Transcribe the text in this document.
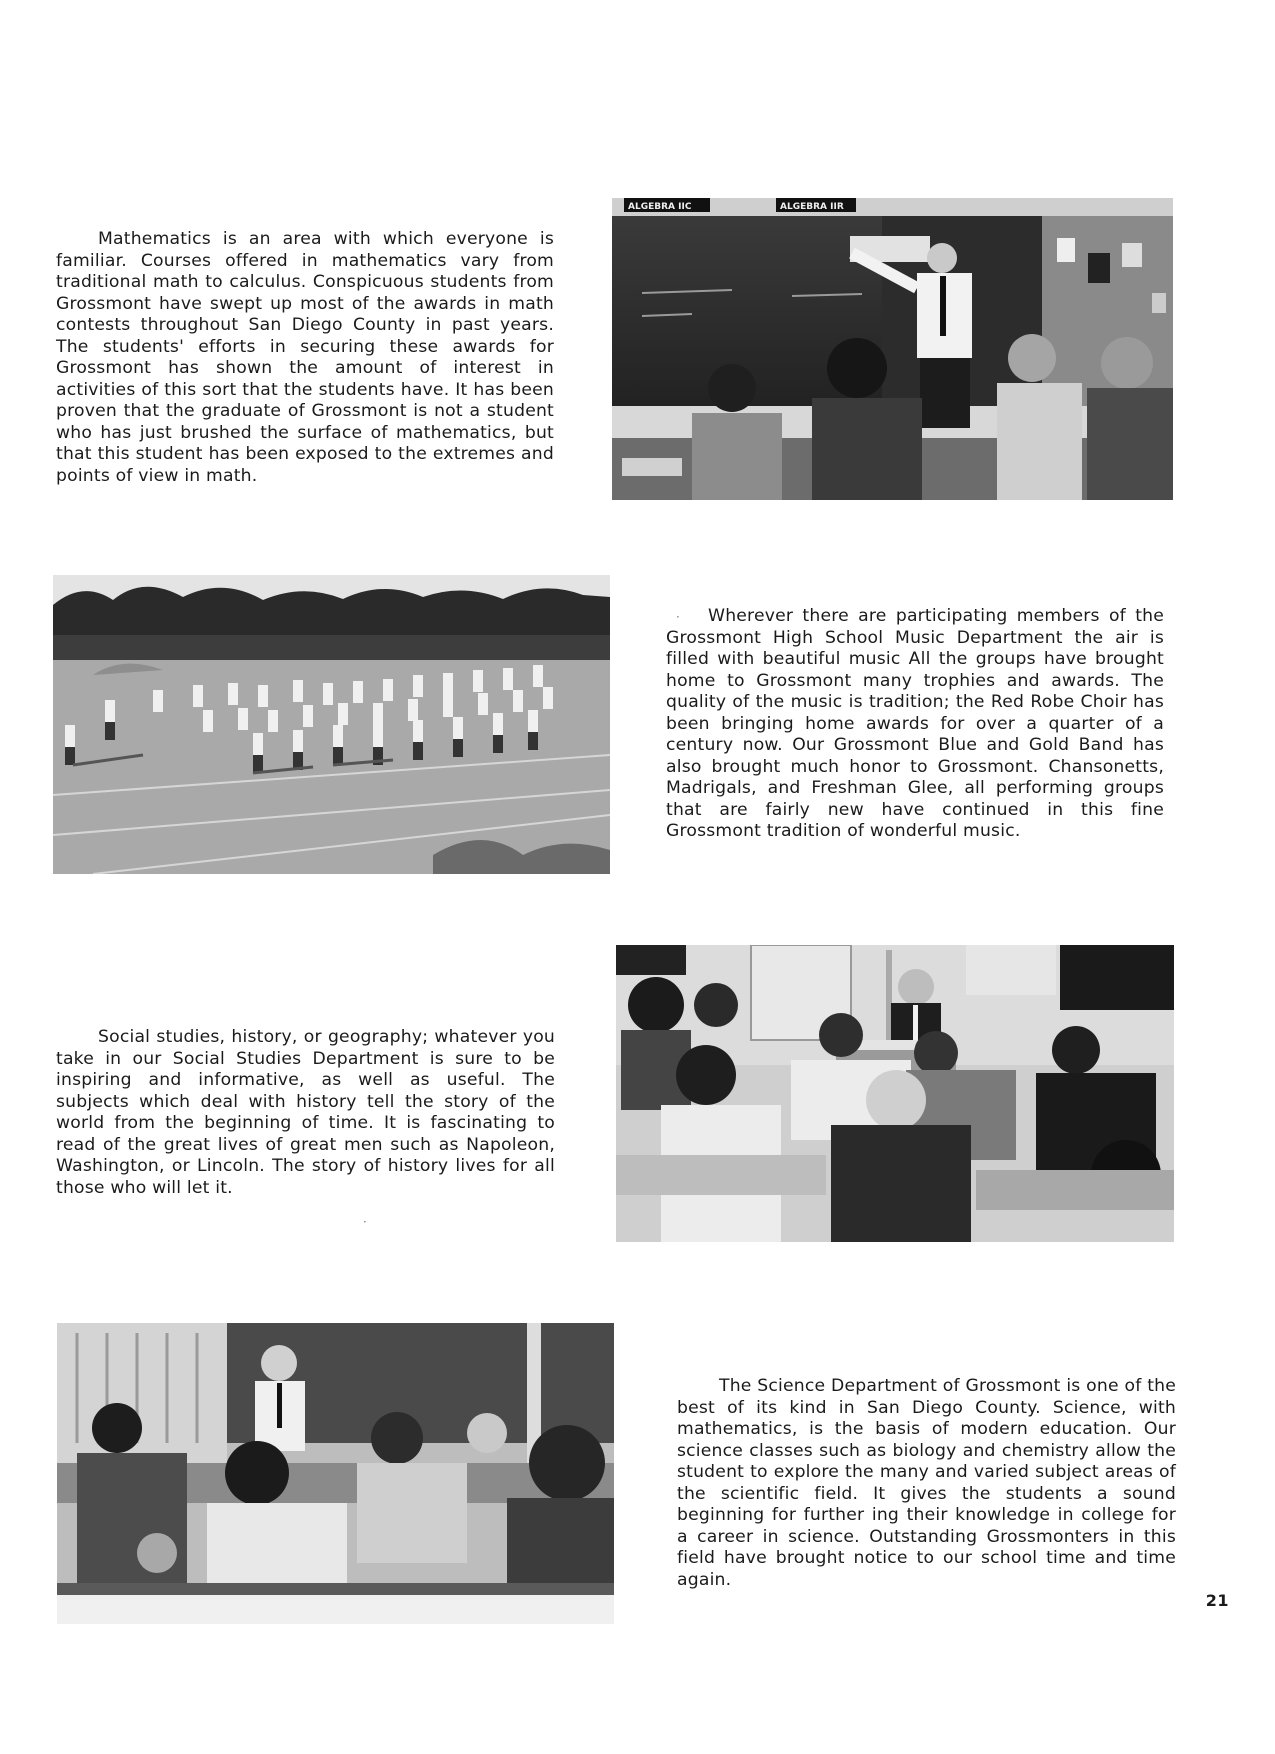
Mathematics is an area with which everyone is familiar. Courses offered in mathematics vary from traditional math to calculus. Conspicuous students from Grossmont have swept up most of the awards in math contests throughout San Diego County in past years. The students' efforts in securing these awards for Grossmont has shown the amount of interest in activities of this sort that the students have. It has been proven that the graduate of Grossmont is not a student who has just brushed the surface of mathematics, but that this student has been exposed to the extremes and points of view in math.

ALGEBRA IIC	ALGEBRA IIR

Wherever there are participating members of the Grossmont High School Music Department the air is filled with beautiful music All the groups have brought home to Grossmont many trophies and awards. The quality of the music is tradition; the Red Robe Choir has been bringing home awards for over a quarter of a century now. Our Grossmont Blue and Gold Band has also brought much honor to Grossmont. Chansonetts, Madrigals, and Freshman Glee, all performing groups that are fairly new have continued in this fine Grossmont tradition of wonderful music.

·

Social studies, history, or geography; whatever you take in our Social Studies Department is sure to be inspiring and informative, as well as useful. The subjects which deal with history tell the story of the world from the beginning of time. It is fascinating to read of the great lives of great men such as Napoleon, Washington, or Lincoln. The story of history lives for all those who will let it.

The Science Department of Grossmont is one of the best of its kind in San Diego County. Science, with mathematics, is the basis of modern education. Our science classes such as biology and chemistry allow the student to explore the many and varied subject areas of the scientific field. It gives the students a sound beginning for further ing their knowledge in college for a career in science. Outstanding Grossmonters in this field have brought notice to our school time and time again.

·
21
